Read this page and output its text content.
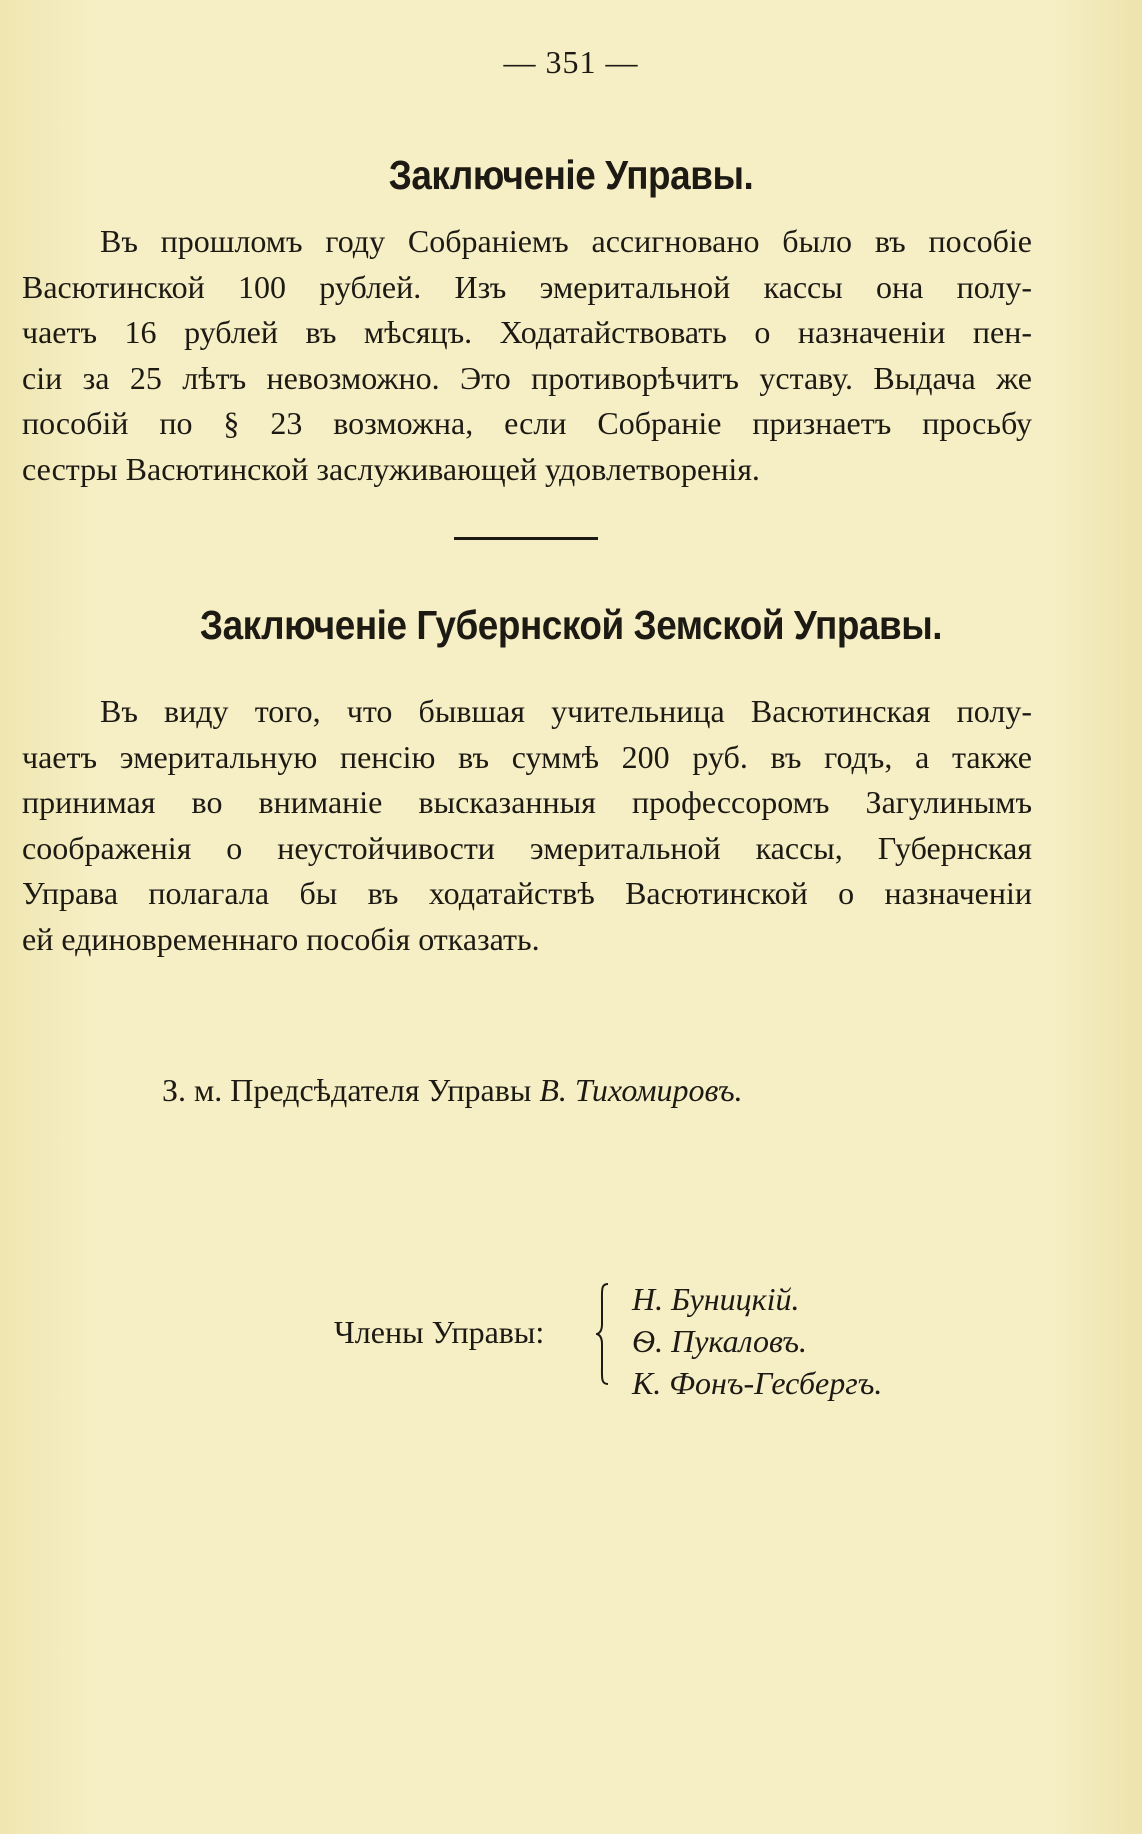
— 351 —
Заключеніе Управы.
Въ прошломъ году Собраніемъ ассигновано было въ пособіе
Васютинской 100 рублей. Изъ эмеритальной кассы она полу-
чаетъ 16 рублей въ мѣсяцъ. Ходатайствовать о назначеніи пен-
сіи за 25 лѣтъ невозможно. Это противорѣчитъ уставу. Выдача же
пособій по § 23 возможна, если Собраніе признаетъ просьбу
сестры Васютинской заслуживающей удовлетворенія.
Заключеніе Губернской Земской Управы.
Въ виду того, что бывшая учительница Васютинская полу-
чаетъ эмеритальную пенсію въ суммѣ 200 руб. въ годъ, а также
принимая во вниманіе высказанныя профессоромъ Загулинымъ
соображенія о неустойчивости эмеритальной кассы, Губернская
Управа полагала бы въ ходатайствѣ Васютинской о назначеніи
ей единовременнаго пособія отказать.
З. м. Предсѣдателя Управы В. Тихомировъ.
Члены Управы:
Н. Буницкій.
Ѳ. Пукаловъ.
К. Фонъ-Гесбергъ.
